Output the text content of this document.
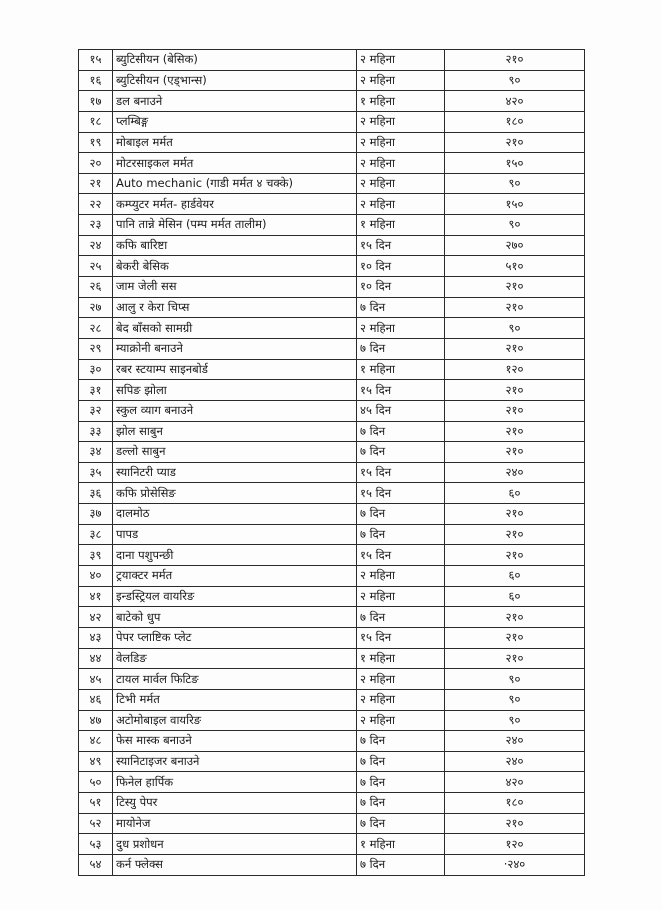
१५	ब्युटिसीयन (बेसिक)	२ महिना	२१०
१६	ब्युटिसीयन (एड्भान्स)	२ महिना	९०
१७	डल बनाउने	१ महिना	४२०
१८	प्लम्बिङ्ग	२ महिना	१८०
१९	मोबाइल मर्मत	२ महिना	२१०
२०	मोटरसाइकल मर्मत	२ महिना	१५०
२१	Auto mechanic (गाडी मर्मत ४ चक्के)	२ महिना	९०
२२	कम्प्युटर मर्मत- हार्डवेयर	२ महिना	१५०
२३	पानि तान्ने मेसिन (पम्प मर्मत तालीम)	१ महिना	९०
२४	कफि बारिष्टा	१५ दिन	२७०
२५	बेकरी बेसिक	१० दिन	५१०
२६	जाम जेली सस	१० दिन	२१०
२७	आलु र केरा चिप्स	७ दिन	२१०
२८	बेद बाँसको सामग्री	२ महिना	९०
२९	म्याक्रोनी बनाउने	७ दिन	२१०
३०	रबर स्टयाम्प साइनबोर्ड	१ महिना	१२०
३१	सपिङ झोला	१५ दिन	२१०
३२	स्कुल व्याग बनाउने	४५ दिन	२१०
३३	झोल साबुन	७ दिन	२१०
३४	डल्लो साबुन	७ दिन	२१०
३५	स्यानिटरी प्याड	१५ दिन	२४०
३६	कफि प्रोसेसिङ	१५ दिन	६०
३७	दालमोठ	७ दिन	२१०
३८	पापड	७ दिन	२१०
३९	दाना पशुपन्छी	१५ दिन	२१०
४०	ट्रयाक्टर मर्मत	२ महिना	६०
४१	इन्डस्ट्रियल वायरिङ	२ महिना	६०
४२	बाटेको धुप	७ दिन	२१०
४३	पेपर प्लाष्टिक प्लेट	१५ दिन	२१०
४४	वेलडिङ	१ महिना	२१०
४५	टायल मार्वल फिटिङ	२ महिना	९०
४६	टिभी मर्मत	२ महिना	९०
४७	अटोमोबाइल वायरिङ	२ महिना	९०
४८	फेस मास्क बनाउने	७ दिन	२४०
४९	स्यानिटाइजर बनाउने	७ दिन	२४०
५०	फिनेल हार्पिक	७ दिन	४२०
५१	टिस्यु पेपर	७ दिन	१८०
५२	मायोनेज	७ दिन	२१०
५३	दुध प्रशोधन	१ महिना	१२०
५४	कर्न फ्लेक्स	७ दिन	·२४०
